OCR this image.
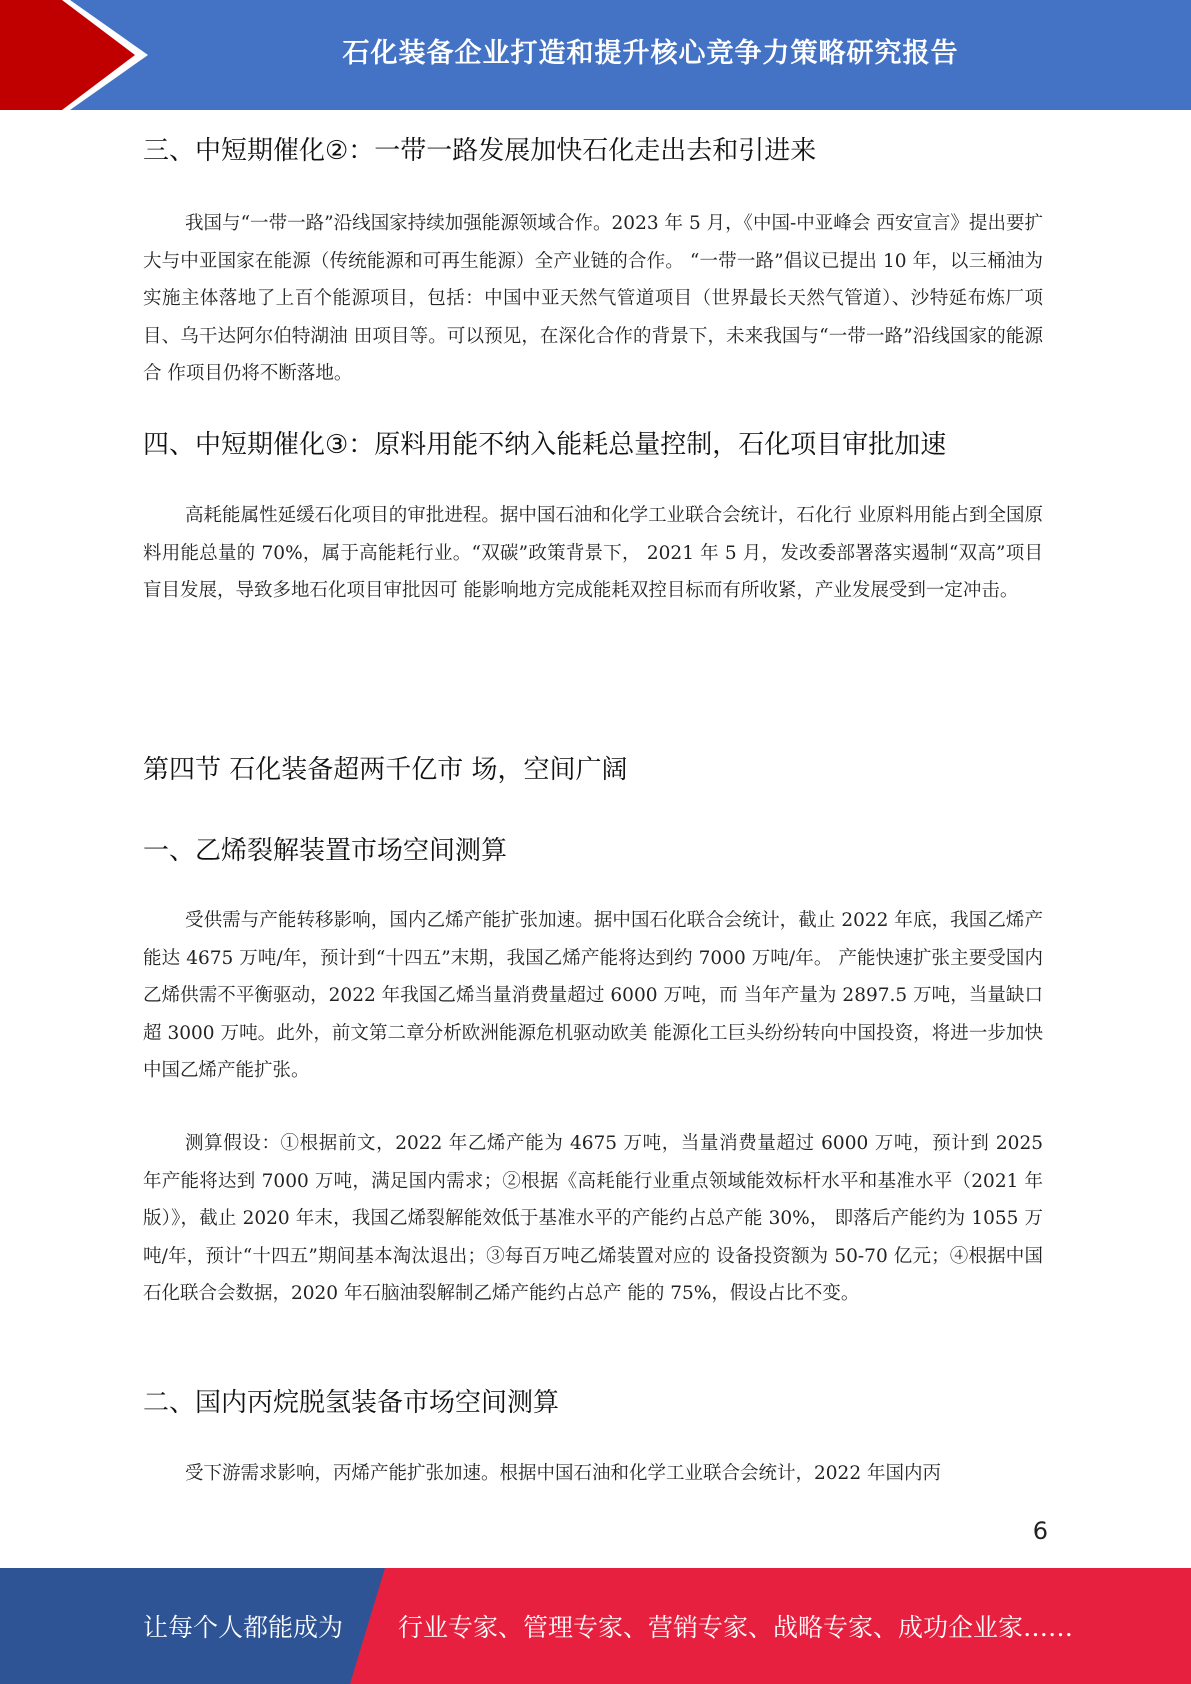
石化装备企业打造和提升核心竞争力策略研究报告
三、中短期催化②：一带一路发展加快石化走出去和引进来

我国与“一带一路”沿线国家持续加强能源领域合作。2023 年 5 月，《中国-中亚峰会 西安宣言》提出要扩大与中亚国家在能源（传统能源和可再生能源）全产业链的合作。 “一带一路”倡议已提出 10 年，以三桶油为实施主体落地了上百个能源项目，包括：中国中亚天然气管道项目（世界最长天然气管道）、沙特延布炼厂项目、乌干达阿尔伯特湖油 田项目等。可以预见，在深化合作的背景下，未来我国与“一带一路”沿线国家的能源合 作项目仍将不断落地。

四、中短期催化③：原料用能不纳入能耗总量控制，石化项目审批加速

高耗能属性延缓石化项目的审批进程。据中国石油和化学工业联合会统计，石化行 业原料用能占到全国原料用能总量的 70%，属于高能耗行业。“双碳”政策背景下， 2021 年 5 月，发改委部署落实遏制“双高”项目盲目发展，导致多地石化项目审批因可 能影响地方完成能耗双控目标而有所收紧，产业发展受到一定冲击。

第四节 石化装备超两千亿市 场，空间广阔
一、乙烯裂解装置市场空间测算

受供需与产能转移影响，国内乙烯产能扩张加速。据中国石化联合会统计，截止 2022 年底，我国乙烯产能达 4675 万吨/年，预计到“十四五”末期，我国乙烯产能将达到约 7000 万吨/年。 产能快速扩张主要受国内乙烯供需不平衡驱动，2022 年我国乙烯当量消费量超过 6000 万吨，而 当年产量为 2897.5 万吨，当量缺口超 3000 万吨。此外，前文第二章分析欧洲能源危机驱动欧美 能源化工巨头纷纷转向中国投资，将进一步加快中国乙烯产能扩张。

测算假设：①根据前文，2022 年乙烯产能为 4675 万吨，当量消费量超过 6000 万吨，预计到 2025 年产能将达到 7000 万吨，满足国内需求；②根据《高耗能行业重点领域能效标杆水平和基准水平（2021 年版）》，截止 2020 年末，我国乙烯裂解能效低于基准水平的产能约占总产能 30%， 即落后产能约为 1055 万吨/年，预计“十四五”期间基本淘汰退出；③每百万吨乙烯装置对应的 设备投资额为 50-70 亿元；④根据中国石化联合会数据，2020 年石脑油裂解制乙烯产能约占总产 能的 75%，假设占比不变。

二、国内丙烷脱氢装备市场空间测算

受下游需求影响，丙烯产能扩张加速。根据中国石油和化学工业联合会统计，2022 年国内丙

6
让每个人都能成为 行业专家、管理专家、营销专家、战略专家、成功企业家……
